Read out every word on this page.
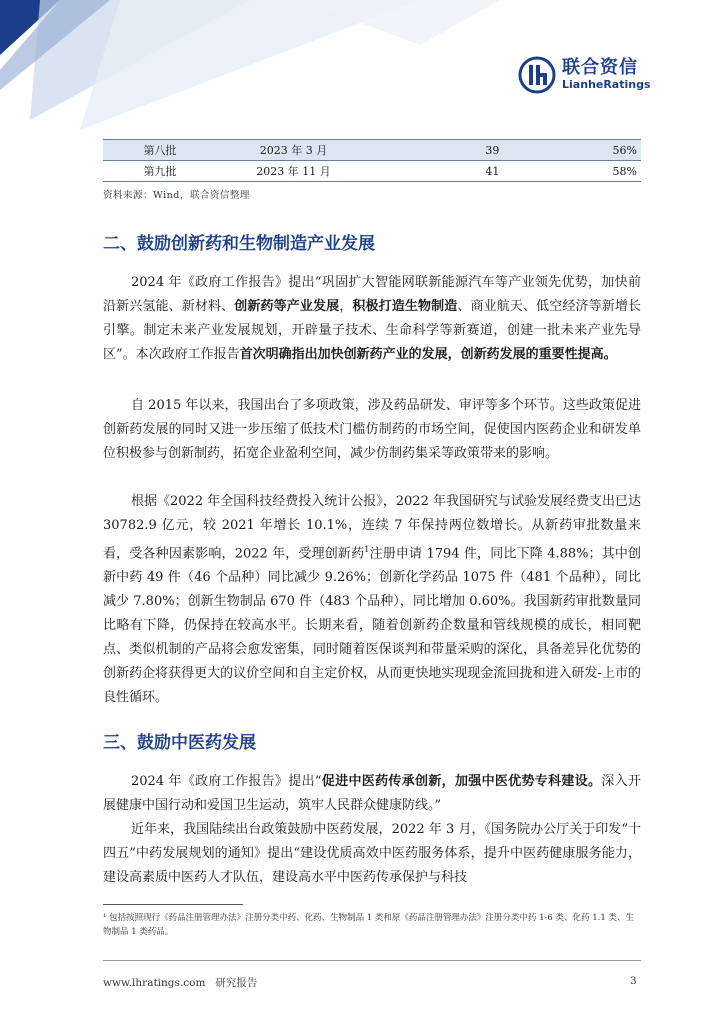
联合资信
LianheRatings
第八批	2023 年 3 月	39	56%
第九批	2023 年 11 月	41	58%
资料来源：Wind，联合资信整理
二、鼓励创新药和生物制造产业发展
2024 年《政府工作报告》提出“巩固扩大智能网联新能源汽车等产业领先优势，加快前沿新兴氢能、新材料、创新药等产业发展，积极打造生物制造、商业航天、低空经济等新增长引擎。制定未来产业发展规划，开辟量子技术、生命科学等新赛道，创建一批未来产业先导区”。本次政府工作报告首次明确指出加快创新药产业的发展，创新药发展的重要性提高。
自 2015 年以来，我国出台了多项政策，涉及药品研发、审评等多个环节。这些政策促进创新药发展的同时又进一步压缩了低技术门槛仿制药的市场空间，促使国内医药企业和研发单位积极参与创新制药，拓宽企业盈利空间，减少仿制药集采等政策带来的影响。
根据《2022 年全国科技经费投入统计公报》，2022 年我国研究与试验发展经费支出已达 30782.9 亿元，较 2021 年增长 10.1%，连续 7 年保持两位数增长。从新药审批数量来看，受各种因素影响，2022 年，受理创新药$^1$注册申请 1794 件，同比下降 4.88%；其中创新中药 49 件（46 个品种）同比减少 9.26%；创新化学药品 1075 件（481 个品种），同比减少 7.80%；创新生物制品 670 件（483 个品种），同比增加 0.60%。我国新药审批数量同比略有下降，仍保持在较高水平。长期来看，随着创新药企数量和管线规模的成长，相同靶点、类似机制的产品将会愈发密集，同时随着医保谈判和带量采购的深化，具备差异化优势的创新药企将获得更大的议价空间和自主定价权，从而更快地实现现金流回拢和进入研发-上市的良性循环。
三、鼓励中医药发展
2024 年《政府工作报告》提出“促进中医药传承创新，加强中医优势专科建设。深入开展健康中国行动和爱国卫生运动，筑牢人民群众健康防线。”
近年来，我国陆续出台政策鼓励中医药发展，2022 年 3 月，《国务院办公厅关于印发“十四五”中药发展规划的通知》提出“建设优质高效中医药服务体系，提升中医药健康服务能力，建设高素质中医药人才队伍，建设高水平中医药传承保护与科技
¹ 包括按照现行《药品注册管理办法》注册分类中药、化药、生物制品 1 类和原《药品注册管理办法》注册分类中药 1-6 类、化药 1.1 类、生物制品 1 类药品。
www.lhratings.com 研究报告	3
